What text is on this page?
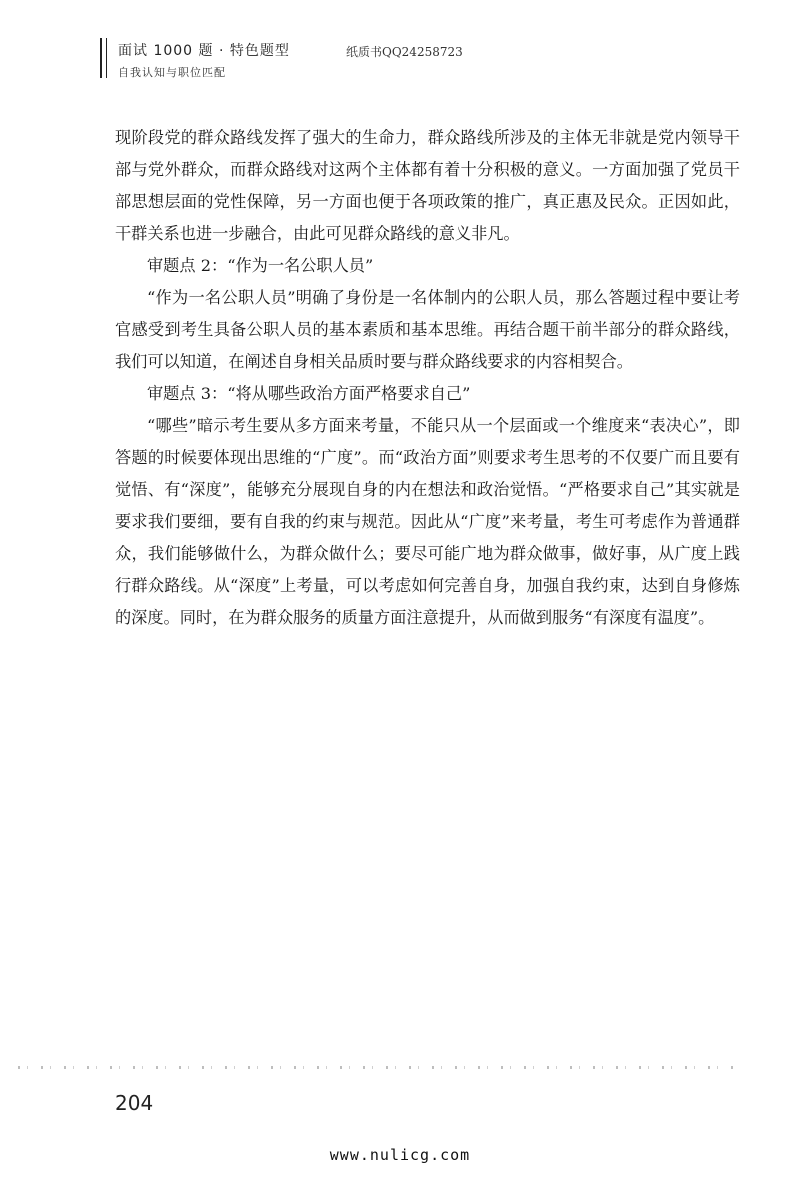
面试 1000 题 · 特色题型
自我认知与职位匹配
纸质书QQ24258723

现阶段党的群众路线发挥了强大的生命力，群众路线所涉及的主体无非就是党内领导干部与党外群众，而群众路线对这两个主体都有着十分积极的意义。一方面加强了党员干部思想层面的党性保障，另一方面也便于各项政策的推广，真正惠及民众。正因如此，干群关系也进一步融合，由此可见群众路线的意义非凡。

审题点 2：“作为一名公职人员”

“作为一名公职人员”明确了身份是一名体制内的公职人员，那么答题过程中要让考官感受到考生具备公职人员的基本素质和基本思维。再结合题干前半部分的群众路线，我们可以知道，在阐述自身相关品质时要与群众路线要求的内容相契合。

审题点 3：“将从哪些政治方面严格要求自己”

“哪些”暗示考生要从多方面来考量，不能只从一个层面或一个维度来“表决心”，即答题的时候要体现出思维的“广度”。而“政治方面”则要求考生思考的不仅要广而且要有觉悟、有“深度”，能够充分展现自身的内在想法和政治觉悟。“严格要求自己”其实就是要求我们要细，要有自我的约束与规范。因此从“广度”来考量，考生可考虑作为普通群众，我们能够做什么，为群众做什么；要尽可能广地为群众做事，做好事，从广度上践行群众路线。从“深度”上考量，可以考虑如何完善自身，加强自我约束，达到自身修炼的深度。同时，在为群众服务的质量方面注意提升，从而做到服务“有深度有温度”。

204
www.nulicg.com
